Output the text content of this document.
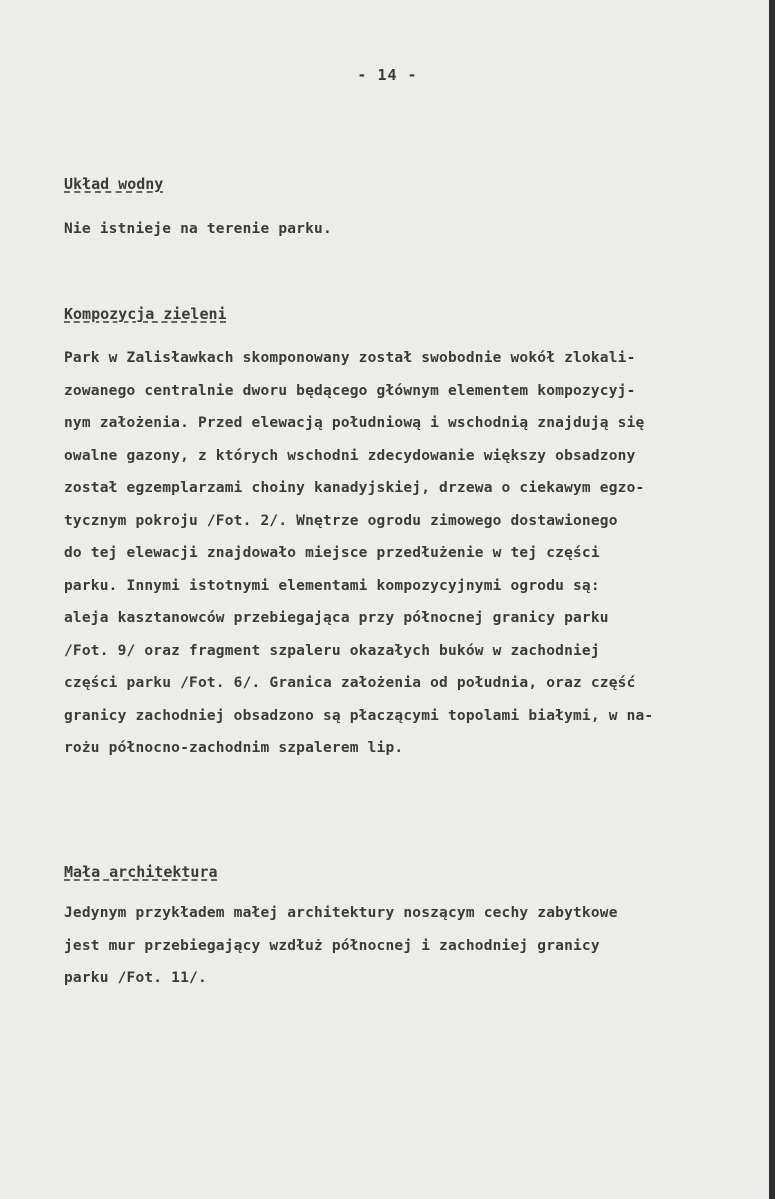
- 14 -
Układ wodny
Nie istnieje na terenie parku.
Kompozycja zieleni
Park w Zalisławkach skomponowany został swobodnie wokół zlokali-
zowanego centralnie dworu będącego głównym elementem kompozycyj-
nym założenia. Przed elewacją południową i wschodnią znajdują się
owalne gazony, z których wschodni zdecydowanie większy obsadzony
został egzemplarzami choiny kanadyjskiej, drzewa o ciekawym egzo-
tycznym pokroju /Fot. 2/. Wnętrze ogrodu zimowego dostawionego
do tej elewacji znajdowało miejsce przedłużenie w tej części
parku. Innymi istotnymi elementami kompozycyjnymi ogrodu są:
aleja kasztanowców przebiegająca przy północnej granicy parku
/Fot. 9/ oraz fragment szpaleru okazałych buków w zachodniej
części parku /Fot. 6/. Granica założenia od południa, oraz część
granicy zachodniej obsadzono są płaczącymi topolami białymi, w na-
rożu północno-zachodnim szpalerem lip.
Mała architektura
Jedynym przykładem małej architektury noszącym cechy zabytkowe
jest mur przebiegający wzdłuż północnej i zachodniej granicy
parku /Fot. 11/.
